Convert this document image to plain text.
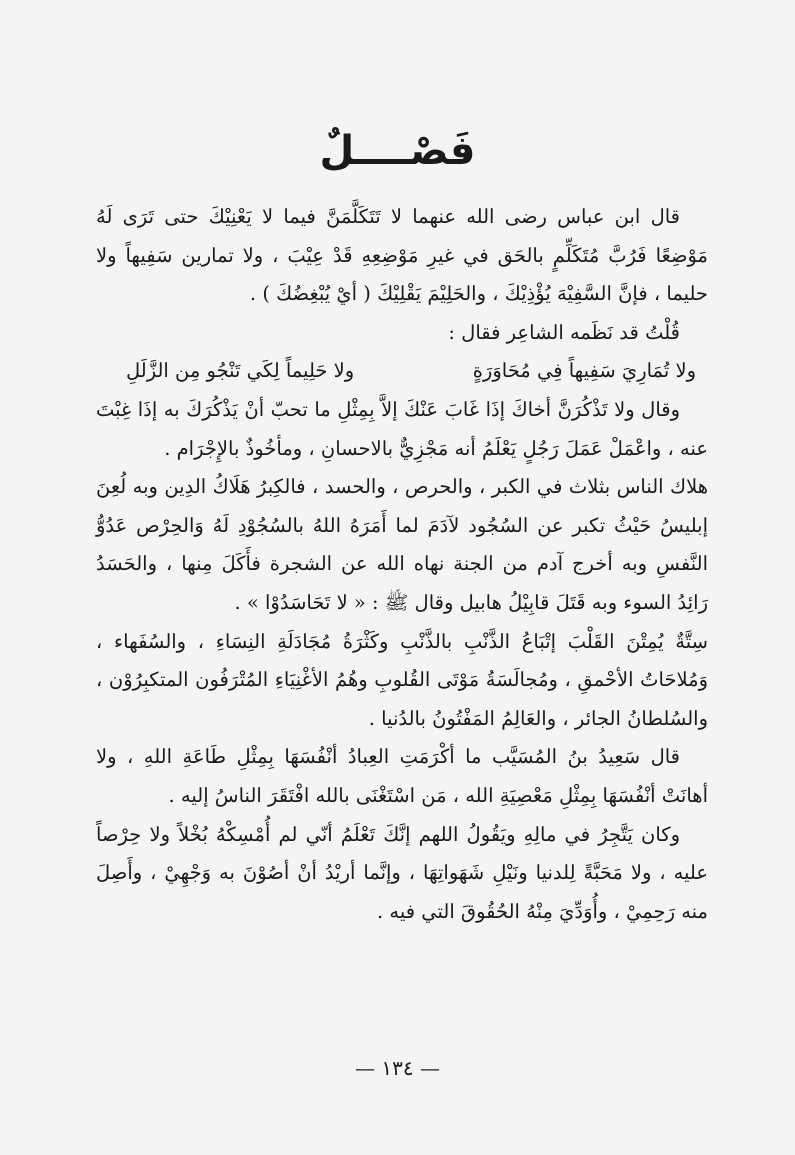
فَصْــــلٌ

قال ابن عباس رضى الله عنهما لا تَتَكَلَّمَنَّ فيما لا يَعْنِيْكَ حتى تَرَى لَهُ مَوْضِعًا فَرُبَّ مُتَكَلِّمٍ بالحَق في غيرِ مَوْضِعِهِ قَدْ عِيْبَ ، ولا تمارين سَفِيهاً ولا حليما ، فإنَّ السَّفِيْهَ يُؤْذِيْكَ ، والحَلِيْمَ يَقْلِيْكَ ( أيْ يُبْغِضُكَ ) .

قُلْتُ قد نَظَمه الشاعِر فقال :

ولا تُمَارِيَ سَفِيهاً فِي مُحَاوَرَةٍ
ولا حَلِيماً لِكَي تَنْجُو مِن الزَّلَلِ

وقال ولا تَذْكُرَنَّ أخاكَ إذَا غَابَ عَنْكَ إلاَّ بِمِثْلِ ما تحبّ أنْ يَذْكُرَكَ به إذَا غِبْتَ عنه ، واعْمَلْ عَمَلَ رَجُلٍ يَعْلَمُ أنه مَجْزِيٌّ بالاحسانِ ، ومأخُوذٌ بالإِجْرَام .

هلاك الناس بثلاث في الكبر ، والحرص ، والحسد ، فالكِبرُ هَلَاكُ الدِين وبه لُعِنَ إبليسُ حَيْثُ تكبر عن السُجُود لآدَمَ لما أَمَرَهُ اللهُ بالسُجُوْدِ لَهُ وَالحِرْص عَدُوُّ النَّفسِ وبه أخرج آدم من الجنة نهاه الله عن الشجرة فأَكَلَ مِنها ، والحَسَدُ رَائِدُ السوء وبه قَتَلَ قابِيْلُ هابيل وقال ﷺ : « لا تَحَاسَدُوْا » .

سِتَّةٌ يُمِتْنَ القَلْبَ إتْبَاعُ الذَّنْبِ بالذَّنْبِ وكَثْرَةُ مُجَادَلَةِ النِسَاءِ ، والسُفَهاء ، وَمُلاحَاتُ الأحْمقِ ، ومُجالَسَةُ مَوْتَى القُلوبِ وهُمُ الأغْنِيَاءِ المُتْرَفُون المتكبِرُوْن ، والسُلطانُ الجائر ، والعَالِمُ المَفْتُونُ بالدُنيا .

قال سَعِيدُ بنُ المُسَيَّب ما أكْرَمَتِ العِبادُ أنْفُسَهَا بِمِثْلِ طَاعَةِ اللهِ ، ولا أهانَتْ أنْفُسَهَا بِمِثْلِ مَعْصِيَةِ الله ، مَن اسْتَغْنَى بالله افْتَقَرَ الناسُ إليه .

وكان يَتَّجِرُ في مالِهِ ويَقُولُ اللهم إنَّكَ تَعْلَمُ أنّي لم أُمْسِكْهُ بُخْلاً ولا حِرْصاً عليه ، ولا مَحَبَّةً لِلدنيا ونَيْلِ شَهَواتِهَا ، وإنَّما أريْدُ أنْ أصُوْنَ به وَجْهِيْ ، وأَصِلَ منه رَحِمِيْ ، وأُوَدِّيَ مِنْهُ الحُقُوقَ التي فيه .

— ١٣٤ —
